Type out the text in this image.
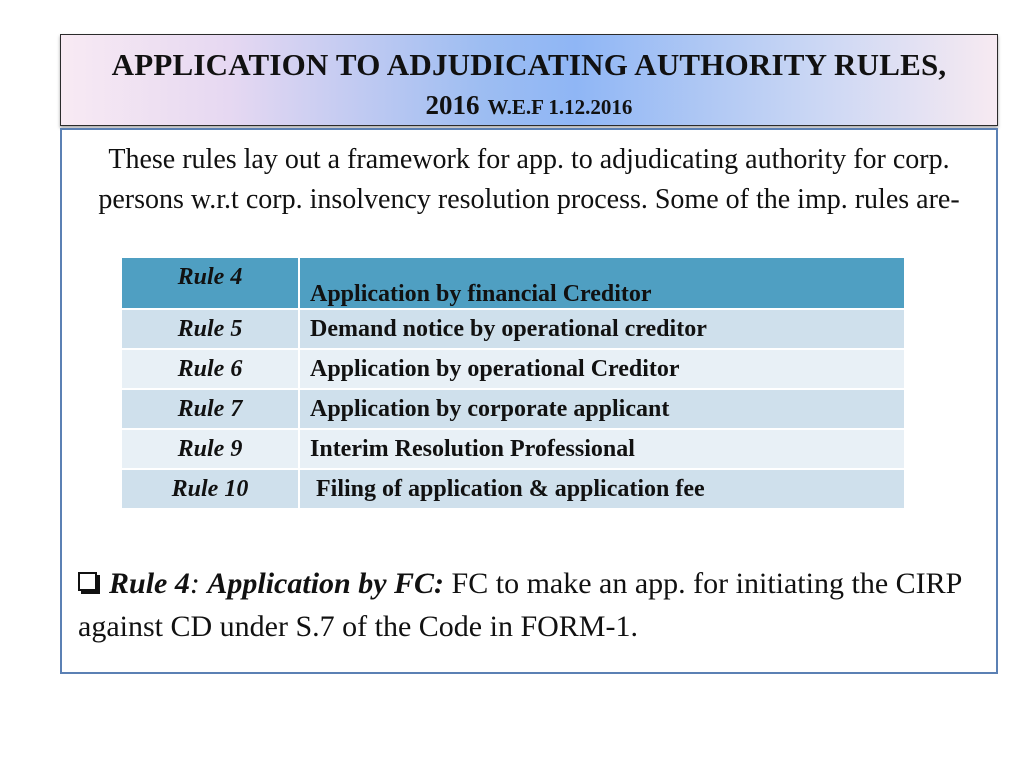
APPLICATION TO ADJUDICATING AUTHORITY RULES,
2016 W.E.F 1.12.2016
These rules lay out a framework for app. to adjudicating authority for corp. persons w.r.t corp. insolvency resolution process. Some of the imp. rules are-
Rule 4	Application by financial Creditor
Rule 5	Demand notice by operational creditor
Rule 6	Application by operational Creditor
Rule 7	Application by corporate applicant
Rule 9	Interim Resolution Professional
Rule 10	Filing of application & application fee
Rule 4: Application by FC: FC to make an app. for initiating the CIRP against CD under S.7 of the Code in FORM-1.
